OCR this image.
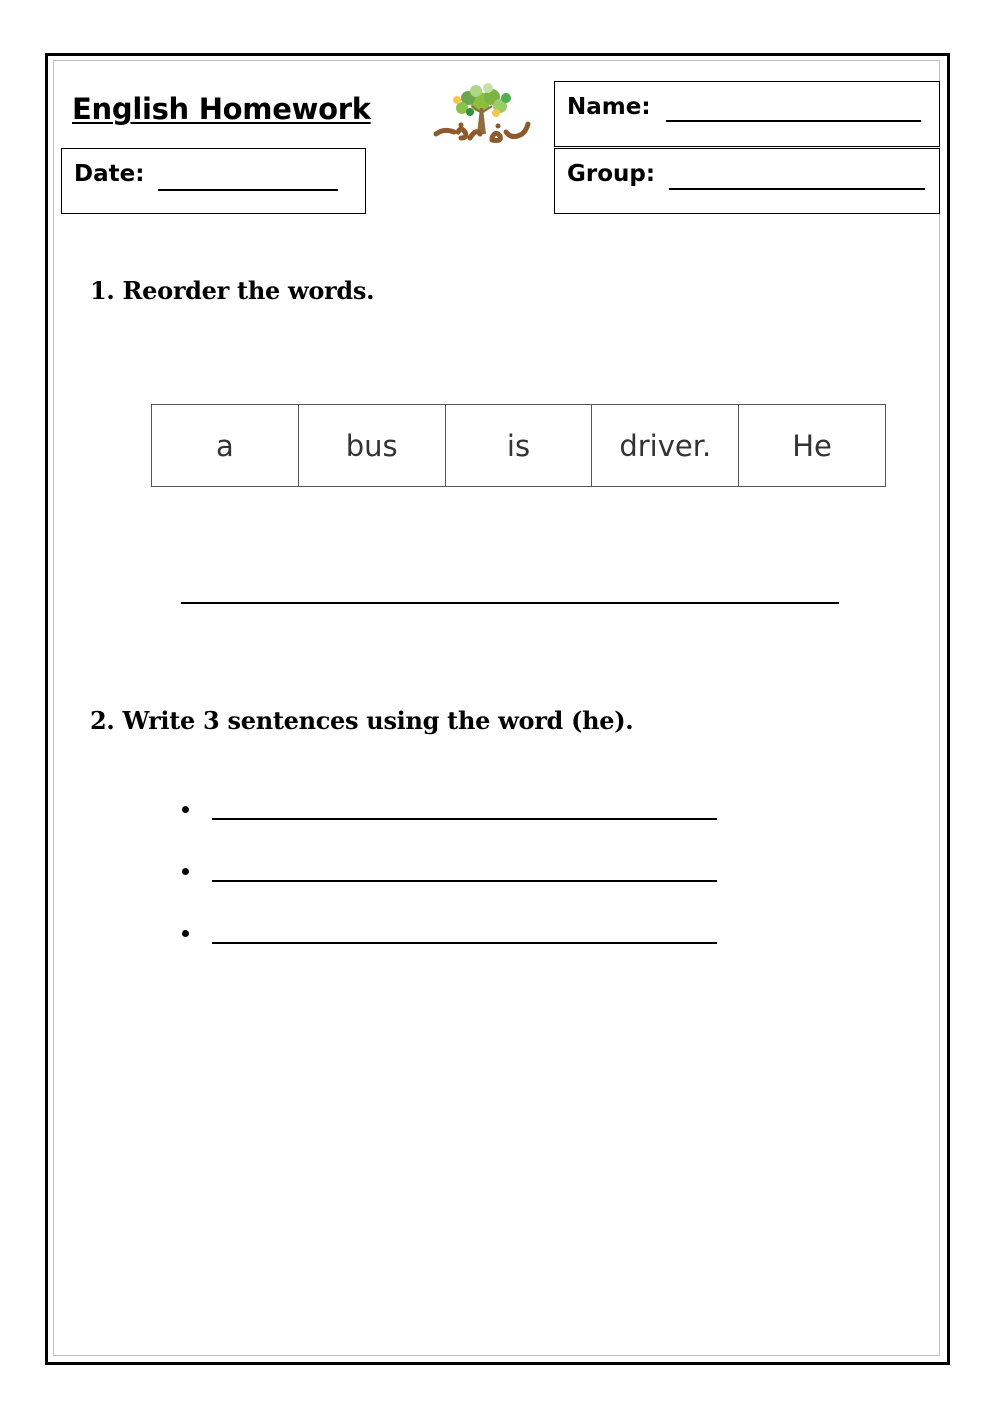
English Homework
Date:
Name:
Group:
1. Reorder the words.
a	bus	is	driver.	He
2. Write 3 sentences using the word (he).
